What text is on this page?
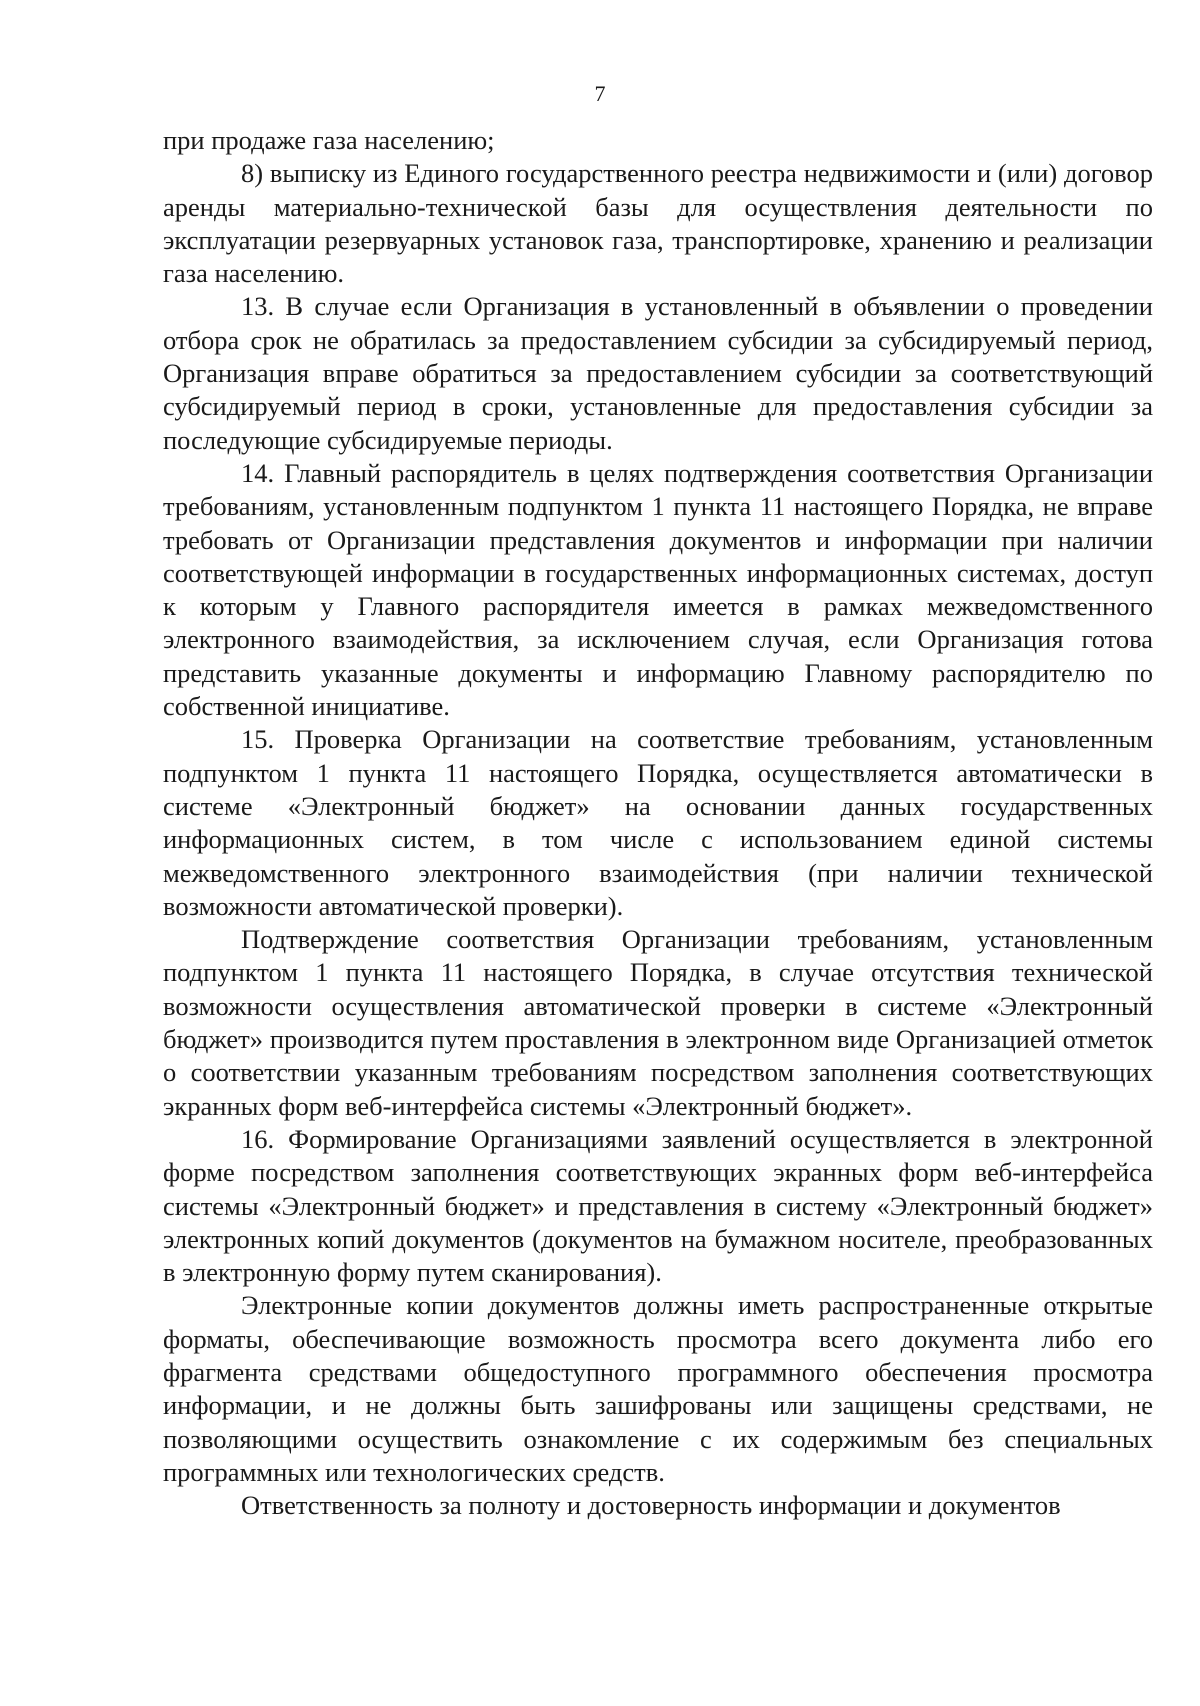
7

при продаже газа населению;

8) выписку из Единого государственного реестра недвижимости и (или) договор аренды материально-технической базы для осуществления деятельности по эксплуатации резервуарных установок газа, транспортировке, хранению и реализации газа населению.

13. В случае если Организация в установленный в объявлении о проведении отбора срок не обратилась за предоставлением субсидии за субсидируемый период, Организация вправе обратиться за предоставлением субсидии за соответствующий субсидируемый период в сроки, установленные для предоставления субсидии за последующие субсидируемые периоды.

14. Главный распорядитель в целях подтверждения соответствия Организации требованиям, установленным подпунктом 1 пункта 11 настоящего Порядка, не вправе требовать от Организации представления документов и информации при наличии соответствующей информации в государственных информационных системах, доступ к которым у Главного распорядителя имеется в рамках межведомственного электронного взаимодействия, за исключением случая, если Организация готова представить указанные документы и информацию Главному распорядителю по собственной инициативе.

15. Проверка Организации на соответствие требованиям, установленным подпунктом 1 пункта 11 настоящего Порядка, осуществляется автоматически в системе «Электронный бюджет» на основании данных государственных информационных систем, в том числе с использованием единой системы межведомственного электронного взаимодействия (при наличии технической возможности автоматической проверки).

Подтверждение соответствия Организации требованиям, установленным подпунктом 1 пункта 11 настоящего Порядка, в случае отсутствия технической возможности осуществления автоматической проверки в системе «Электронный бюджет» производится путем проставления в электронном виде Организацией отметок о соответствии указанным требованиям посредством заполнения соответствующих экранных форм веб-интерфейса системы «Электронный бюджет».

16. Формирование Организациями заявлений осуществляется в электронной форме посредством заполнения соответствующих экранных форм веб-интерфейса системы «Электронный бюджет» и представления в систему «Электронный бюджет» электронных копий документов (документов на бумажном носителе, преобразованных в электронную форму путем сканирования).

Электронные копии документов должны иметь распространенные открытые форматы, обеспечивающие возможность просмотра всего документа либо его фрагмента средствами общедоступного программного обеспечения просмотра информации, и не должны быть зашифрованы или защищены средствами, не позволяющими осуществить ознакомление с их содержимым без специальных программных или технологических средств.

Ответственность за полноту и достоверность информации и документов
